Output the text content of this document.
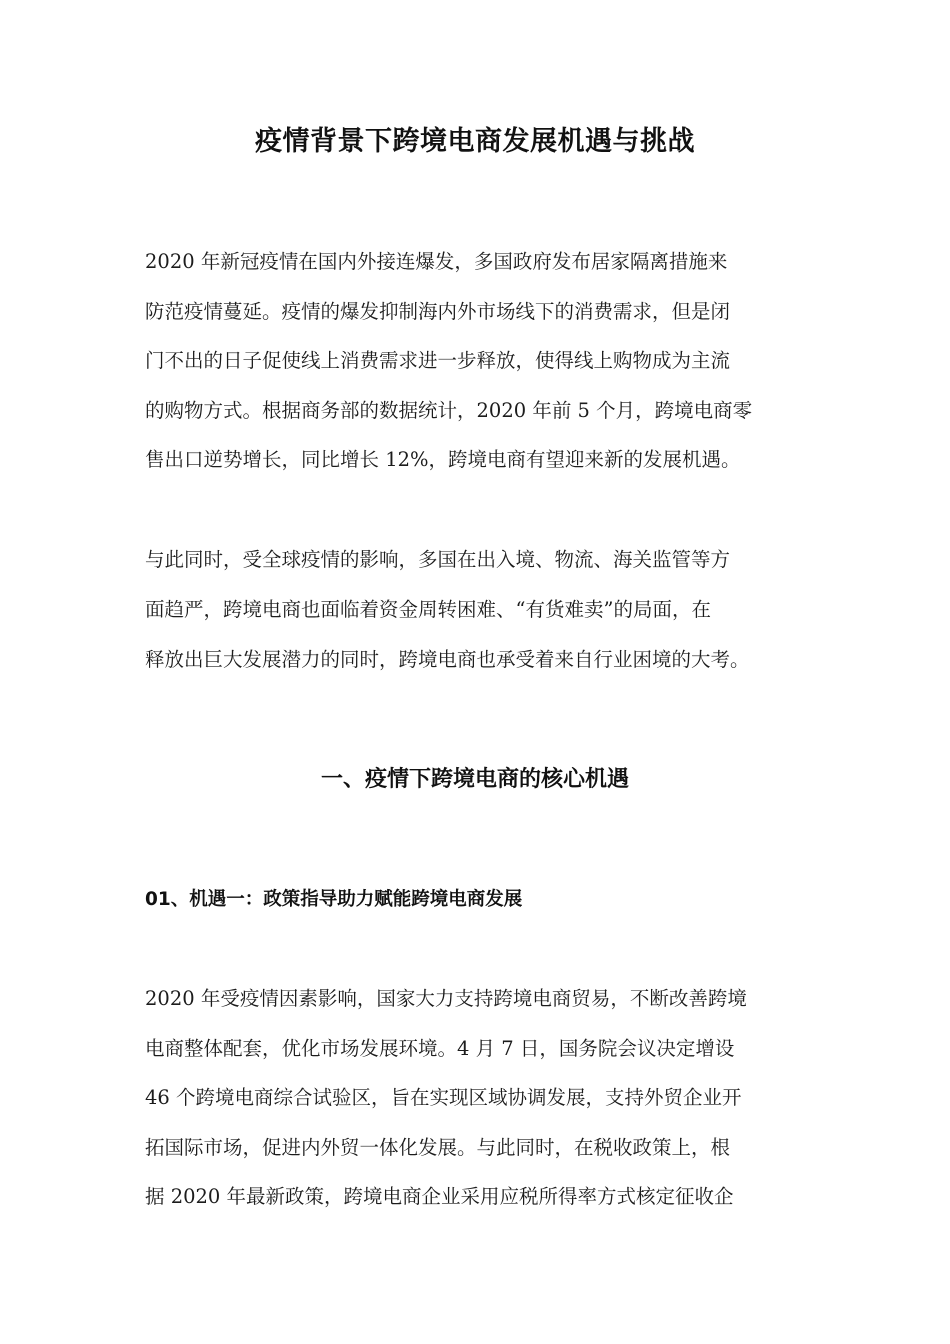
疫情背景下跨境电商发展机遇与挑战
2020 年新冠疫情在国内外接连爆发，多国政府发布居家隔离措施来
防范疫情蔓延。疫情的爆发抑制海内外市场线下的消费需求，但是闭
门不出的日子促使线上消费需求进一步释放，使得线上购物成为主流
的购物方式。根据商务部的数据统计，2020 年前 5 个月，跨境电商零
售出口逆势增长，同比增长 12%，跨境电商有望迎来新的发展机遇。
与此同时，受全球疫情的影响，多国在出入境、物流、海关监管等方
面趋严，跨境电商也面临着资金周转困难、“有货难卖”的局面，在
释放出巨大发展潜力的同时，跨境电商也承受着来自行业困境的大考。
一、疫情下跨境电商的核心机遇
01、机遇一：政策指导助力赋能跨境电商发展
2020 年受疫情因素影响，国家大力支持跨境电商贸易，不断改善跨境
电商整体配套，优化市场发展环境。4 月 7 日，国务院会议决定增设
46 个跨境电商综合试验区，旨在实现区域协调发展，支持外贸企业开
拓国际市场，促进内外贸一体化发展。与此同时，在税收政策上，根
据 2020 年最新政策，跨境电商企业采用应税所得率方式核定征收企
